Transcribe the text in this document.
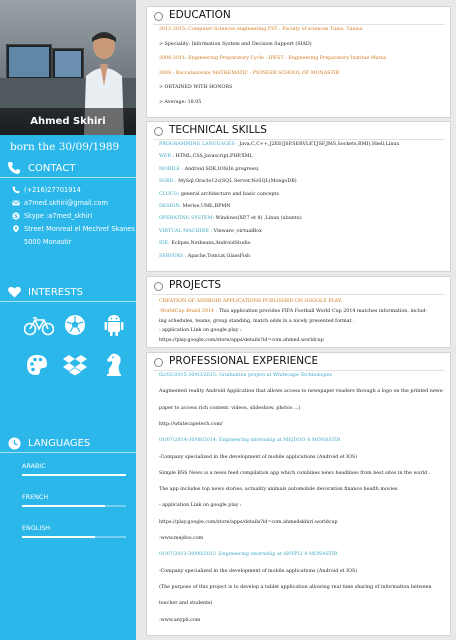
Ahmed Skhiri
born the 30/09/1989
CONTACT
(+216)27701914
a7med.skhiri@gmail.com
S Skype :a7med_skhiri
Street Monreal el Mechref Skanes
5000 Monastir
INTERESTS
LANGUAGES
ARABIC
FRENCH
ENGLISH
EDUCATION
2012-2015: Computer Sciences engineering FST : Faculty of sciences Tunis, Tunisa
> Speciality: Information System and Decision Support (SIAD)
2008-2011: Engineering Preparatory Cycle : IPEST : Engineering Preparatory Institue Marsa
2008 : Baccalaureate MATHEMATIC : PIONEER SCHOOL OF MONASTIR
> OBTAINED WITH HONORS
> Average: 18.05
TECHNICAL SKILLS
PROGRAMMING LANGUAGES : Java,C,C++,J2EE(JSP,SERVLET,JSF,JMS,Sockets,RMI),Shell,Linux
WEB : HTML,CSS,Javascript,PHP,XML
MOBILE : Android SDK,IOS(In progress)
SGBD : MySql,Oracle12c(SQL Server,NoSQL(MongoDB)
CLOUD: general architecture and basic concepts
DESIGN: Merise,UML,BPMN
OPERATING SYSTEM: Windows(XP,7 et 8) ,Linux (ubuntu)
VIRTUAL MACHINE : Vmware ,virtualBox
IDE: Eclipse,Netbeans,AndroidStudio
SERVERS : Apache,Tomcat,GlassFish
PROJECTS
CREATION OF ANDROID APPLICATIONS PUBLISHED ON GOOGLE PLAY:
-WorldCup Brazil 2014 : This application provides FIFA Football World Cup 2014 matches information, includ-
ing schedules, teams, group standing, match odds in a nicely presented format .
- application Link on google play :
https://play.google.com/store/apps/details?id=com.ahmed.worldcup
PROFESSIONAL EXPERIENCE
02/02/2015-30/03/2015: Graduation project at Whitecape Technologies
Augmented reality Android Application that allows access to newspaper readers through a logo on the printed news-
paper to access rich content: videos, slideshow, photos ...)
http://whitecapetech.com/
01/07/2014-30/08/2014: Engineering internship at MEJDOO A MONASTIR
-Company specialized in the development of mobile applications (Android et IOS)
Simple RSS News is a news feed compilation app which combines news headlines from best sites in the world .
The app includes top news stories, actuality animals automobile decoration finance health movies
- application Link on google play :
https://play.google.com/store/apps/details?id=com.ahmedskhiri.worldcup
-www.mejdoo.com
01/07/2013-30/08/2013 :Engineering internship at ANYPLI A MONASTIR
-Company specialized in the development of mobile applications (Android et IOS)
(The purpose of this project is to develop a tablet application allowing real time sharing of information between
teacher and students)
-www.anypli.com
